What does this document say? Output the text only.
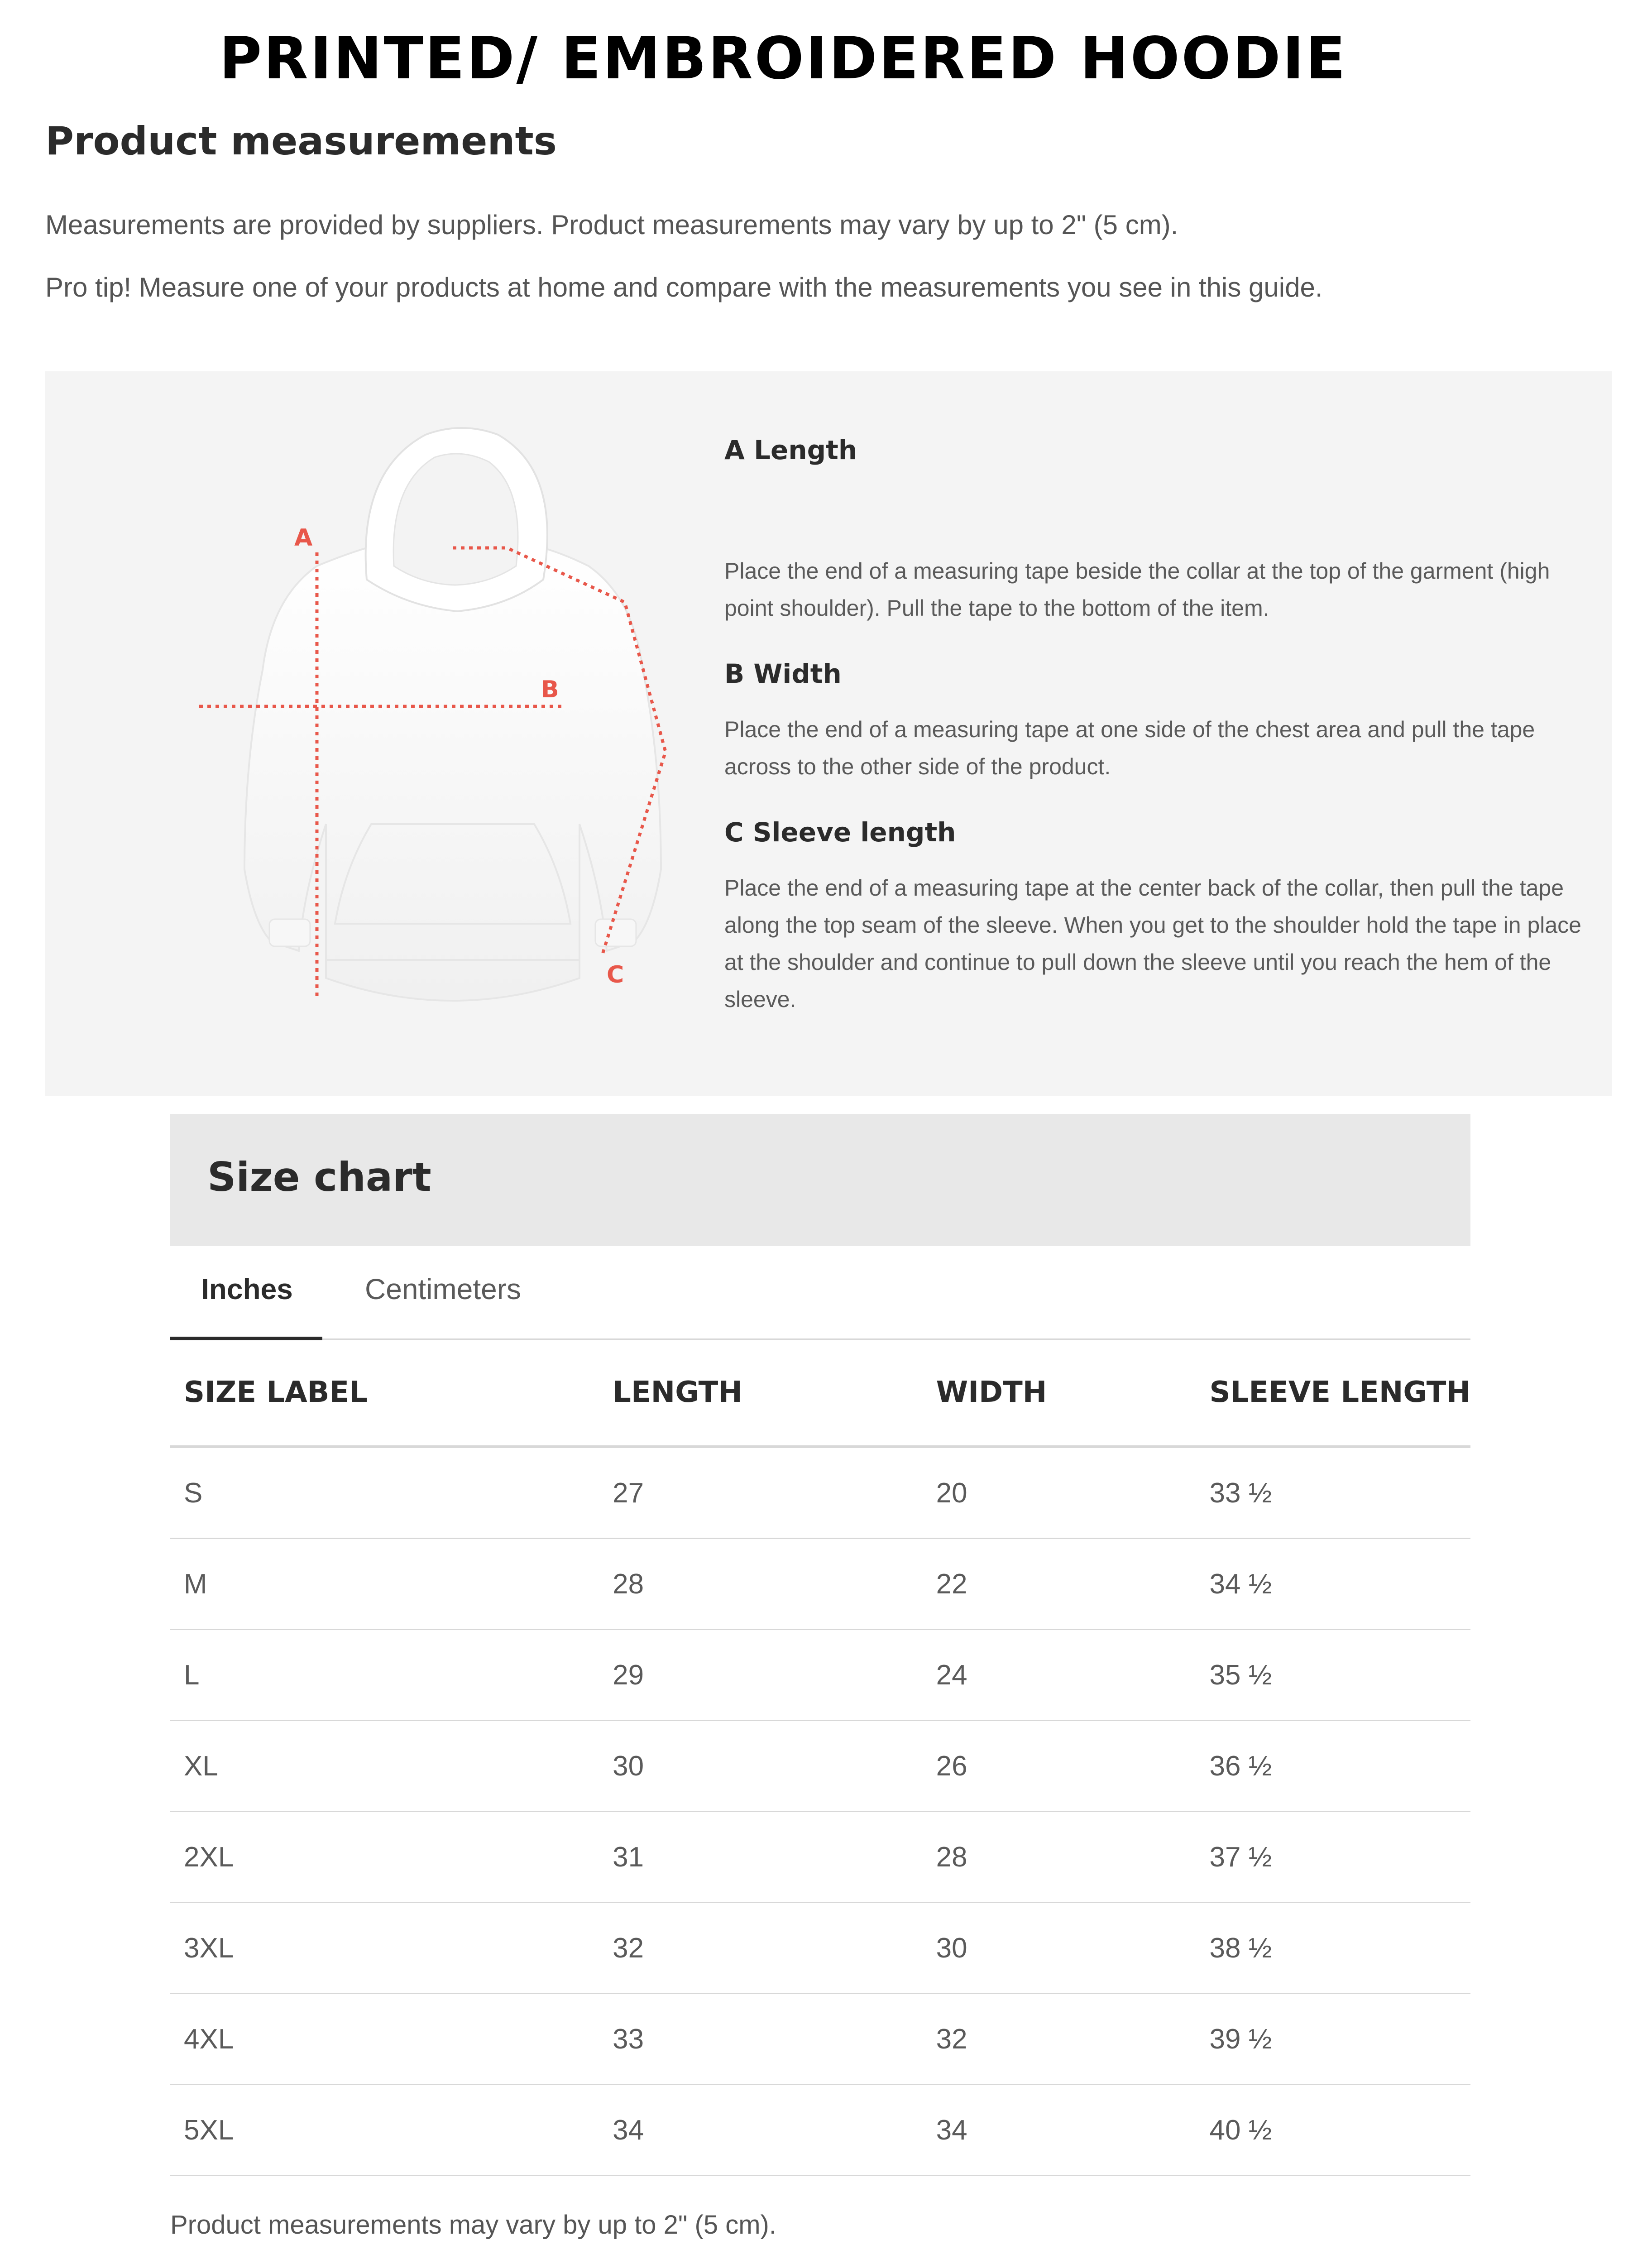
PRINTED/ EMBROIDERED HOODIE
Product measurements

Measurements are provided by suppliers. Product measurements may vary by up to 2" (5 cm).

Pro tip! Measure one of your products at home and compare with the measurements you see in this guide.

A
B
C
A Length

Place the end of a measuring tape beside the collar at the top of the garment (high point shoulder). Pull the tape to the bottom of the item.

B Width

Place the end of a measuring tape at one side of the chest area and pull the tape across to the other side of the product.

C Sleeve length

Place the end of a measuring tape at the center back of the collar, then pull the tape along the top seam of the sleeve. When you get to the shoulder hold the tape in place at the shoulder and continue to pull down the sleeve until you reach the hem of the sleeve.

Size chart
Inches Centimeters
SIZE LABEL	LENGTH	WIDTH	SLEEVE LENGTH
S	27	20	33 ½
M	28	22	34 ½
L	29	24	35 ½
XL	30	26	36 ½
2XL	31	28	37 ½
3XL	32	30	38 ½
4XL	33	32	39 ½
5XL	34	34	40 ½

Product measurements may vary by up to 2" (5 cm).
